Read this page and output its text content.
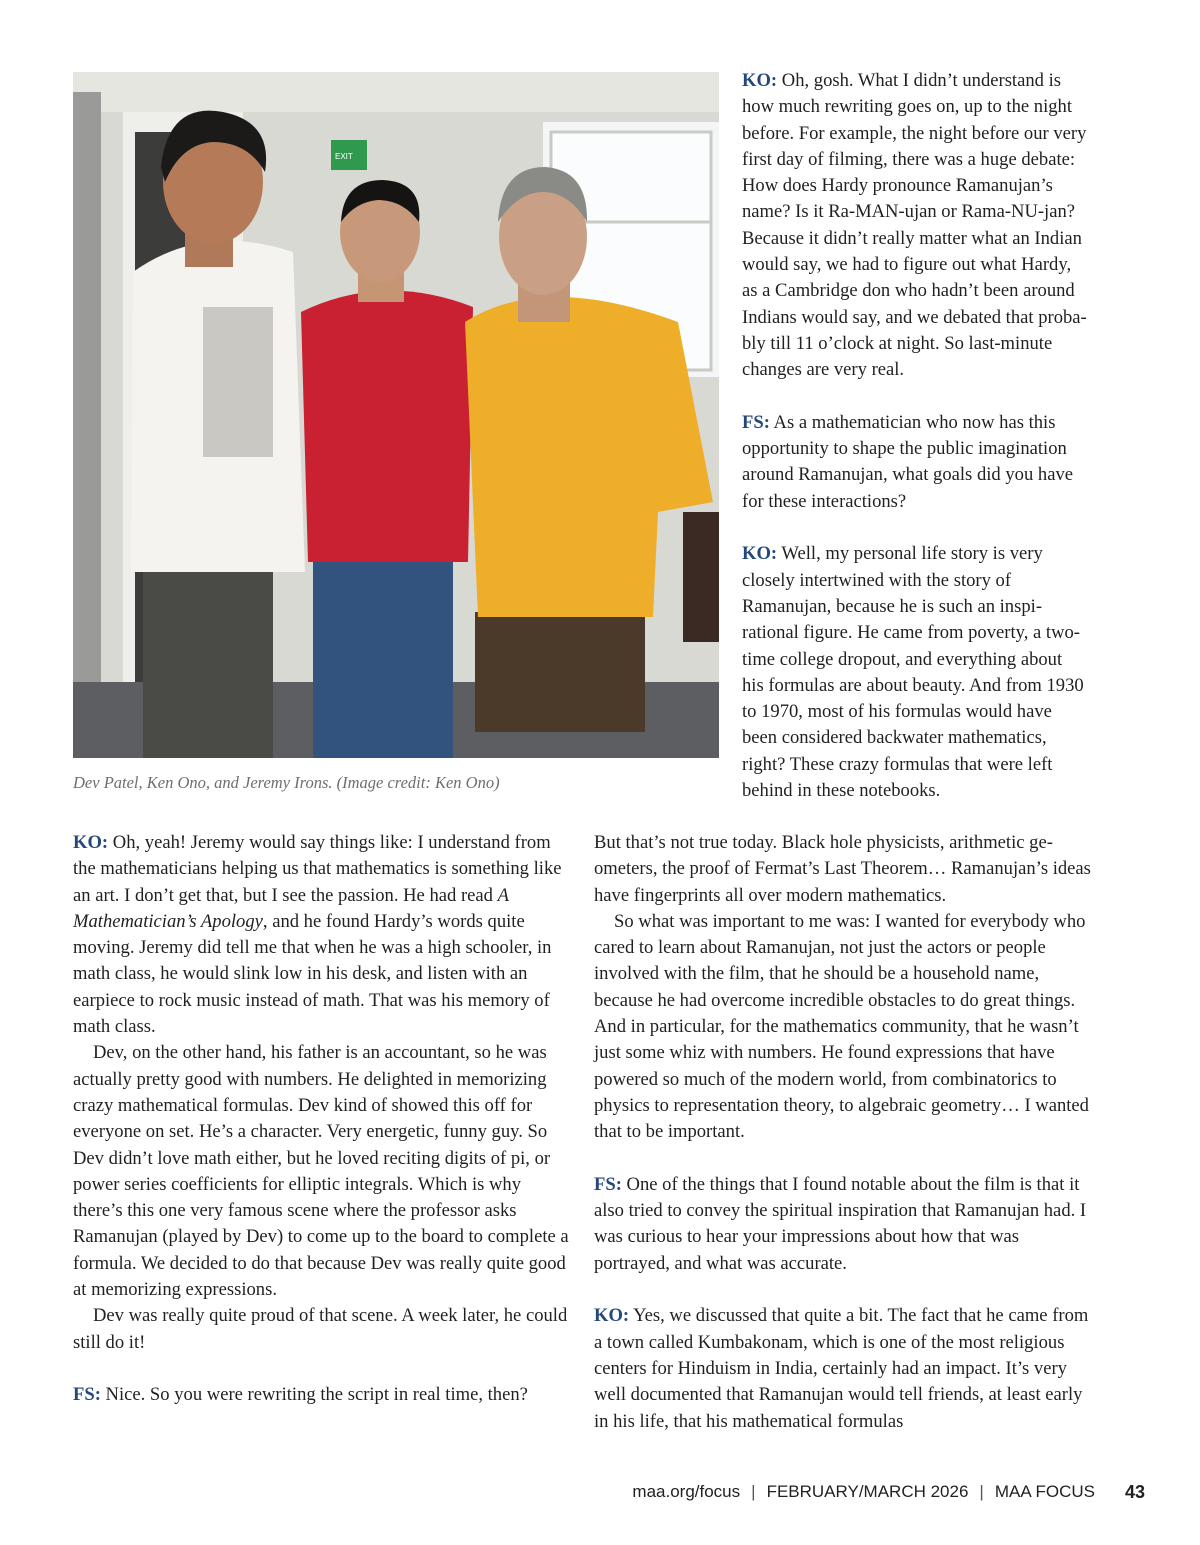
EXIT
Dev Patel, Ken Ono, and Jeremy Irons. (Image credit: Ken Ono)

KO: Oh, gosh. What I didn’t understand is how much rewriting goes on, up to the night before. For example, the night before our very first day of filming, there was a huge debate: How does Hardy pronounce Ramanujan’s name? Is it Ra-MAN-ujan or Rama-NU-jan? Because it didn’t really matter what an Indian would say, we had to figure out what Hardy, as a Cambridge don who hadn’t been around Indians would say, and we debated that probably till 11 o’clock at night. So last-minute changes are very real.

FS: As a mathematician who now has this opportunity to shape the public imagination around Ramanujan, what goals did you have for these interactions?

KO: Well, my personal life story is very closely intertwined with the story of Ramanujan, because he is such an inspirational figure. He came from poverty, a two-time college dropout, and everything about his formulas are about beauty. And from 1930 to 1970, most of his formulas would have been considered backwater mathematics, right? These crazy formulas that were left behind in these notebooks.

KO: Oh, yeah! Jeremy would say things like: I understand from the mathematicians helping us that mathematics is something like an art. I don’t get that, but I see the passion. He had read A Mathematician’s Apology, and he found Hardy’s words quite moving. Jeremy did tell me that when he was a high schooler, in math class, he would slink low in his desk, and listen with an earpiece to rock music instead of math. That was his memory of math class.

Dev, on the other hand, his father is an accountant, so he was actually pretty good with numbers. He delighted in memorizing crazy mathematical formulas. Dev kind of showed this off for everyone on set. He’s a character. Very energetic, funny guy. So Dev didn’t love math either, but he loved reciting digits of pi, or power series coefficients for elliptic integrals. Which is why there’s this one very famous scene where the professor asks Ramanujan (played by Dev) to come up to the board to complete a formula. We decided to do that because Dev was really quite good at memorizing expressions.

Dev was really quite proud of that scene. A week later, he could still do it!

FS: Nice. So you were rewriting the script in real time, then?

But that’s not true today. Black hole physicists, arithmetic geometers, the proof of Fermat’s Last Theorem… Ramanujan’s ideas have fingerprints all over modern mathematics.

So what was important to me was: I wanted for everybody who cared to learn about Ramanujan, not just the actors or people involved with the film, that he should be a household name, because he had overcome incredible obstacles to do great things. And in particular, for the mathematics community, that he wasn’t just some whiz with numbers. He found expressions that have powered so much of the modern world, from combinatorics to physics to representation theory, to algebraic geometry… I wanted that to be important.

FS: One of the things that I found notable about the film is that it also tried to convey the spiritual inspiration that Ramanujan had. I was curious to hear your impressions about how that was portrayed, and what was accurate.

KO: Yes, we discussed that quite a bit. The fact that he came from a town called Kumbakonam, which is one of the most religious centers for Hinduism in India, certainly had an impact. It’s very well documented that Ramanujan would tell friends, at least early in his life, that his mathematical formulas

maa.org/focus | FEBRUARY/MARCH 2026 | MAA FOCUS 43
